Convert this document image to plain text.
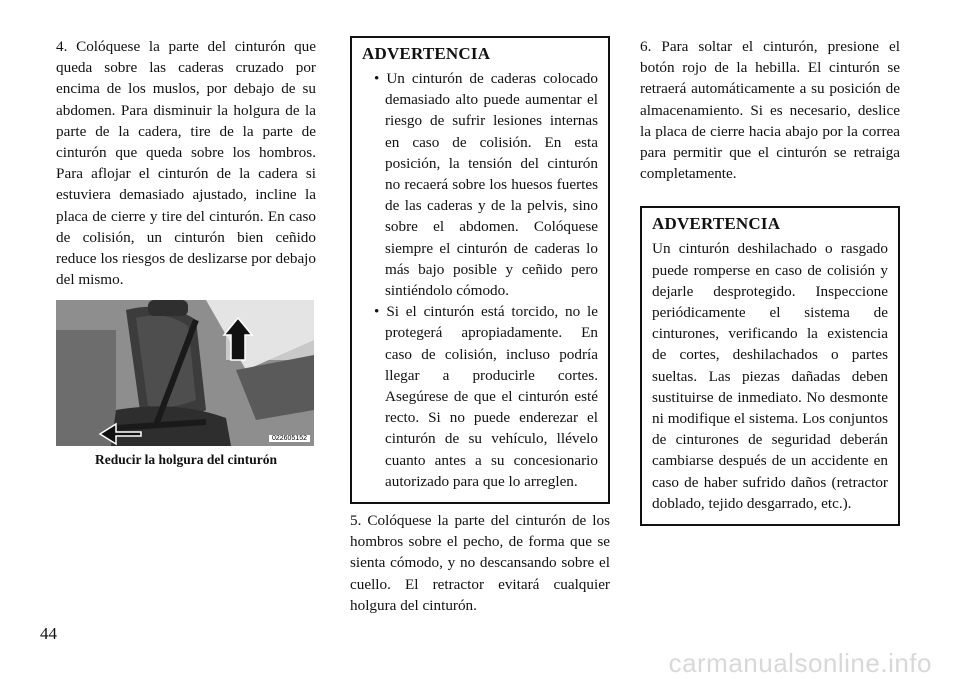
4. Colóquese la parte del cinturón que queda sobre las caderas cruzado por encima de los muslos, por debajo de su abdomen. Para disminuir la holgura de la parte de la cadera, tire de la parte de cinturón que queda sobre los hombros. Para aflojar el cinturón de la cadera si estuviera demasiado ajustado, incline la placa de cierre y tire del cinturón. En caso de colisión, un cinturón bien ceñido reduce los riesgos de deslizarse por debajo del mismo.

022605152
Reducir la holgura del cinturón
ADVERTENCIA
• Un cinturón de caderas colocado demasiado alto puede aumentar el riesgo de sufrir lesiones internas en caso de colisión. En esta posición, la tensión del cinturón no recaerá sobre los huesos fuertes de las caderas y de la pelvis, sino sobre el abdomen. Colóquese siempre el cinturón de caderas lo más bajo posible y ceñido pero sintiéndolo cómodo.
• Si el cinturón está torcido, no le protegerá apropiadamente. En caso de colisión, incluso podría llegar a producirle cortes. Asegúrese de que el cinturón esté recto. Si no puede enderezar el cinturón de su vehículo, llévelo cuanto antes a su concesionario autorizado para que lo arreglen.

5. Colóquese la parte del cinturón de los hombros sobre el pecho, de forma que se sienta cómodo, y no descansando sobre el cuello. El retractor evitará cualquier holgura del cinturón.

6. Para soltar el cinturón, presione el botón rojo de la hebilla. El cinturón se retraerá automáticamente a su posición de almacenamiento. Si es necesario, deslice la placa de cierre hacia abajo por la correa para permitir que el cinturón se retraiga completamente.

ADVERTENCIA

Un cinturón deshilachado o rasgado puede romperse en caso de colisión y dejarle desprotegido. Inspeccione periódicamente el sistema de cinturones, verificando la existencia de cortes, deshilachados o partes sueltas. Las piezas dañadas deben sustituirse de inmediato. No desmonte ni modifique el sistema. Los conjuntos de cinturones de seguridad deberán cambiarse después de un accidente en caso de haber sufrido daños (retractor doblado, tejido desgarrado, etc.).

44
carmanualsonline.info
